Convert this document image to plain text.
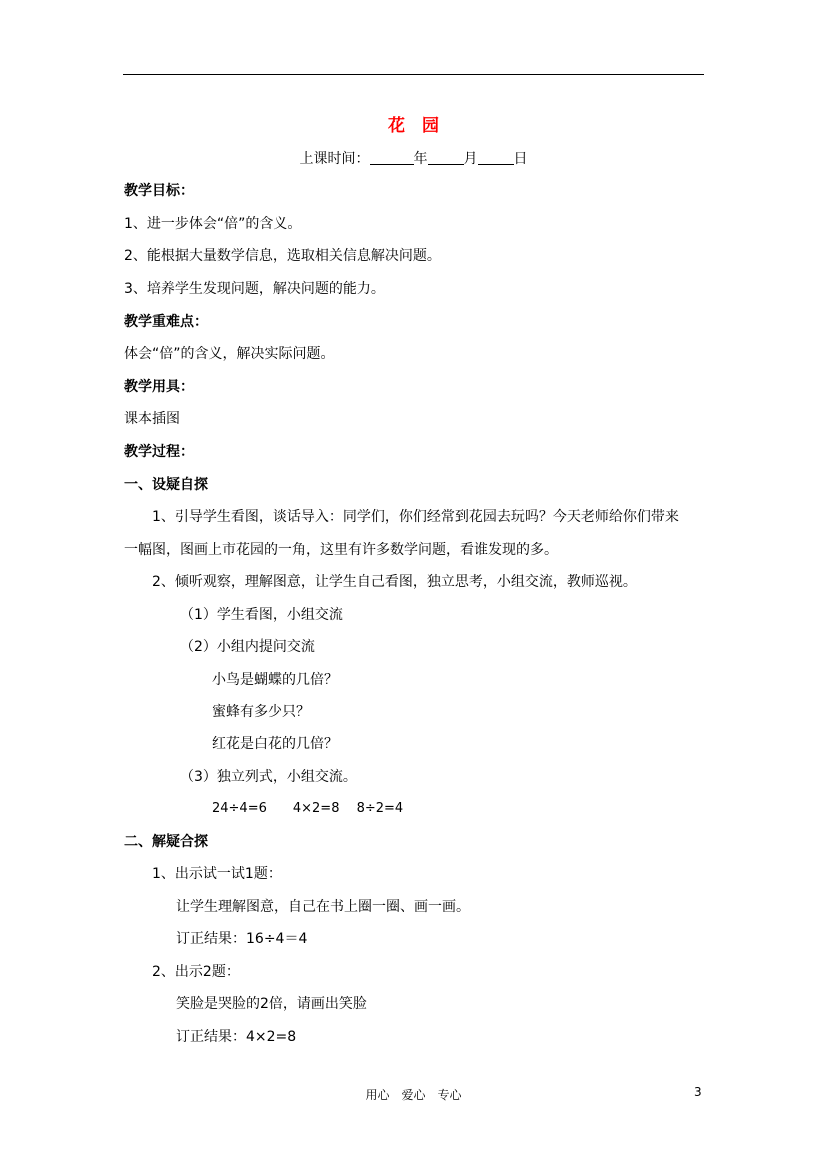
花　园
上课时间：	年	月	日
教学目标：
1、进一步体会“倍”的含义。
2、能根据大量数学信息，选取相关信息解决问题。
3、培养学生发现问题，解决问题的能力。
教学重难点：
体会“倍”的含义，解决实际问题。
教学用具：
课本插图
教学过程：
一、设疑自探
1、引导学生看图，谈话导入：同学们，你们经常到花园去玩吗？今天老师给你们带来
一幅图，图画上市花园的一角，这里有许多数学问题，看谁发现的多。
2、倾听观察，理解图意，让学生自己看图，独立思考，小组交流，教师巡视。
（1）学生看图，小组交流
（2）小组内提问交流
小鸟是蝴蝶的几倍？
蜜蜂有多少只？
红花是白花的几倍？
（3）独立列式，小组交流。
24÷4=6　　4×2=8　 8÷2=4
二、解疑合探
1、出示试一试1题：
让学生理解图意，自己在书上圈一圈、画一画。
订正结果：16÷4＝4
2、出示2题：
笑脸是哭脸的2倍，请画出笑脸
订正结果：4×2=8
用心　爱心　专心	3
